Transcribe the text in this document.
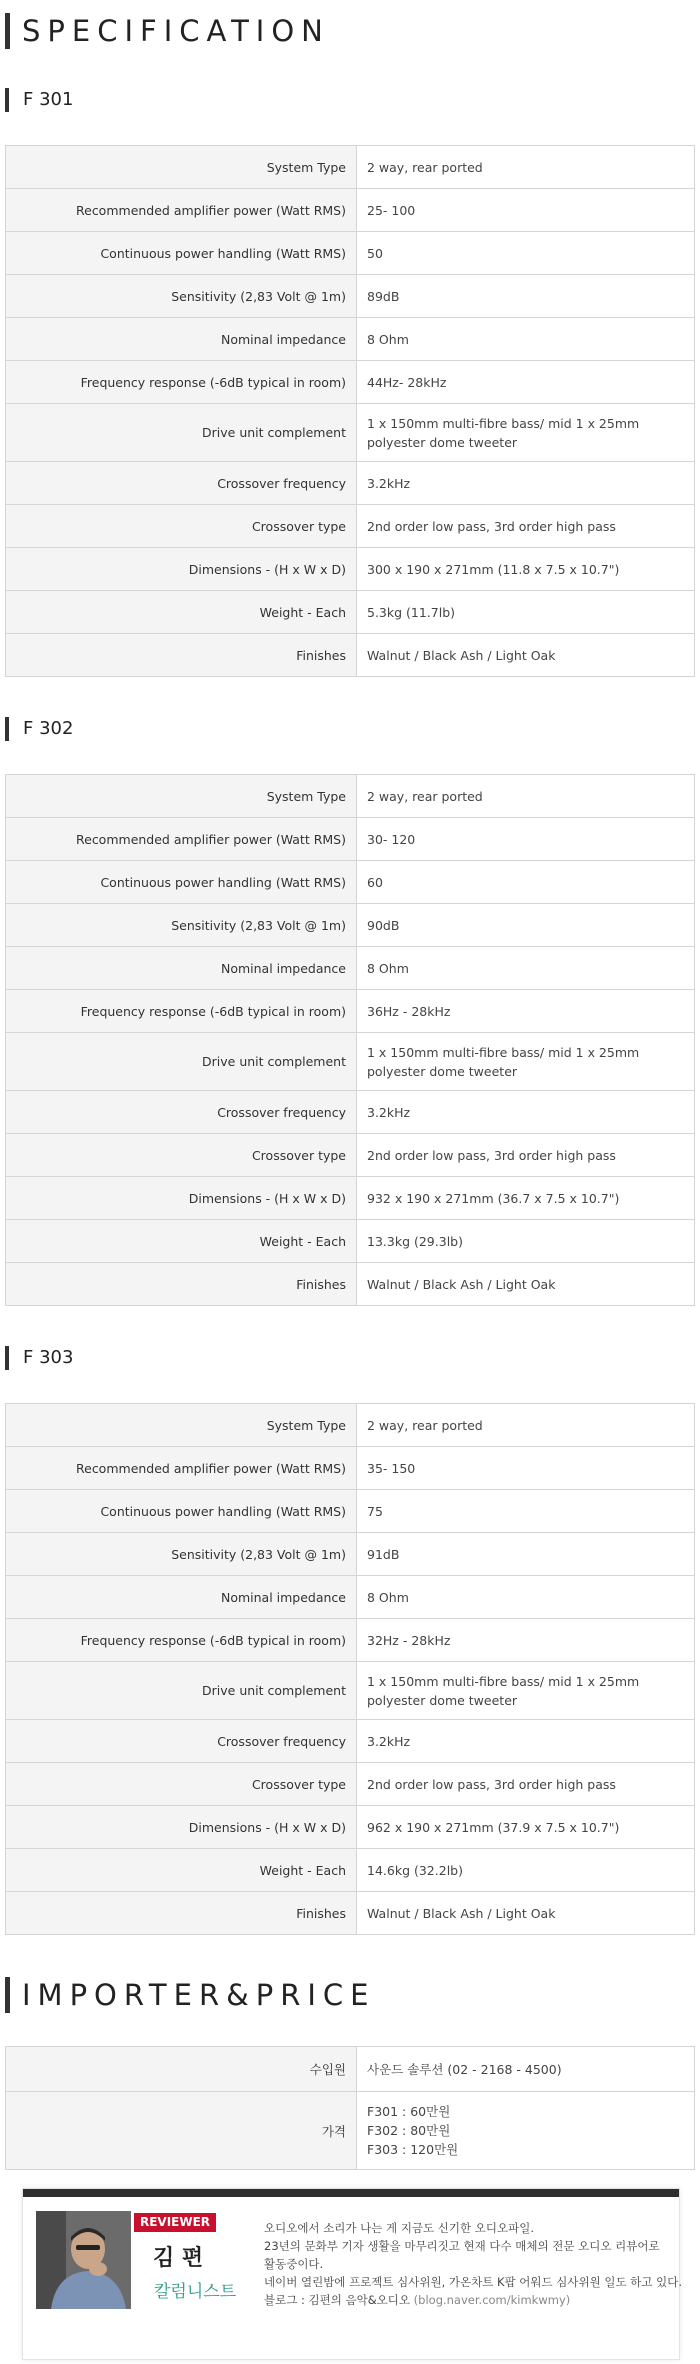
SPECIFICATION
F 301
System Type	2 way, rear ported
Recommended amplifier power (Watt RMS)	25- 100
Continuous power handling (Watt RMS)	50
Sensitivity (2,83 Volt @ 1m)	89dB
Nominal impedance	8 Ohm
Frequency response (-6dB typical in room)	44Hz- 28kHz
Drive unit complement	1 x 150mm multi-fibre bass/ mid 1 x 25mm polyester dome tweeter
Crossover frequency	3.2kHz
Crossover type	2nd order low pass, 3rd order high pass
Dimensions - (H x W x D)	300 x 190 x 271mm (11.8 x 7.5 x 10.7")
Weight - Each	5.3kg (11.7lb)
Finishes	Walnut / Black Ash / Light Oak
F 302
System Type	2 way, rear ported
Recommended amplifier power (Watt RMS)	30- 120
Continuous power handling (Watt RMS)	60
Sensitivity (2,83 Volt @ 1m)	90dB
Nominal impedance	8 Ohm
Frequency response (-6dB typical in room)	36Hz - 28kHz
Drive unit complement	1 x 150mm multi-fibre bass/ mid 1 x 25mm polyester dome tweeter
Crossover frequency	3.2kHz
Crossover type	2nd order low pass, 3rd order high pass
Dimensions - (H x W x D)	932 x 190 x 271mm (36.7 x 7.5 x 10.7")
Weight - Each	13.3kg (29.3lb)
Finishes	Walnut / Black Ash / Light Oak
F 303
System Type	2 way, rear ported
Recommended amplifier power (Watt RMS)	35- 150
Continuous power handling (Watt RMS)	75
Sensitivity (2,83 Volt @ 1m)	91dB
Nominal impedance	8 Ohm
Frequency response (-6dB typical in room)	32Hz - 28kHz
Drive unit complement	1 x 150mm multi-fibre bass/ mid 1 x 25mm polyester dome tweeter
Crossover frequency	3.2kHz
Crossover type	2nd order low pass, 3rd order high pass
Dimensions - (H x W x D)	962 x 190 x 271mm (37.9 x 7.5 x 10.7")
Weight - Each	14.6kg (32.2lb)
Finishes	Walnut / Black Ash / Light Oak
IMPORTER&PRICE
수입원	사운드 솔루션 (02 - 2168 - 4500)
가격	F301 : 60만원
F302 : 80만원
F303 : 120만원
REVIEWER
김 편
칼럼니스트
오디오에서 소리가 나는 게 지금도 신기한 오디오파일.
23년의 문화부 기자 생활을 마무리짓고 현재 다수 매체의 전문 오디오 리뷰어로
활동중이다.
네이버 열린밤에 프로젝트 심사위원, 가온차트 K팝 어워드 심사위원 일도 하고 있다.
블로그 : 김편의 음악&오디오 (blog.naver.com/kimkwmy)
